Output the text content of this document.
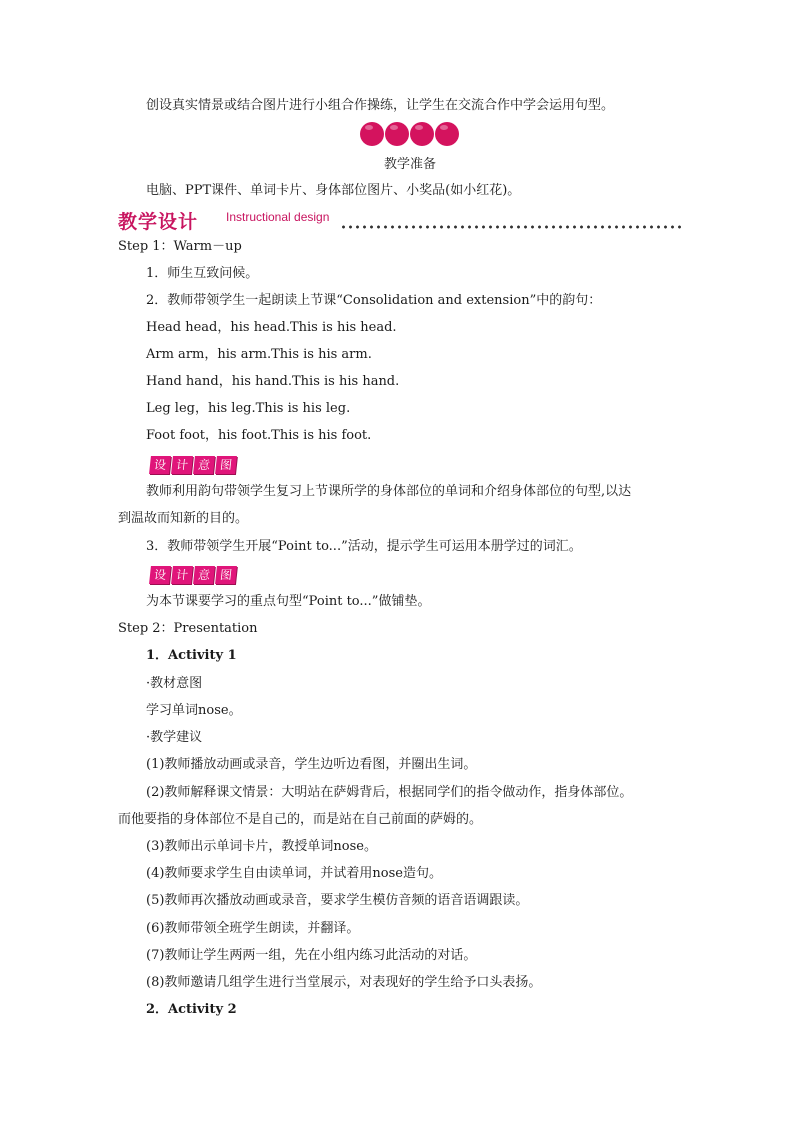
创设真实情景或结合图片进行小组合作操练，让学生在交流合作中学会运用句型。
教学准备
电脑、PPT课件、单词卡片、身体部位图片、小奖品(如小红花)。
教学设计 Instructional design
Step 1：Warm－up
1．师生互致问候。
2．教师带领学生一起朗读上节课“Consolidation and extension”中的韵句：
Head head，his head.This is his head.
Arm arm，his arm.This is his arm.
Hand hand，his hand.This is his hand.
Leg leg，his leg.This is his leg.
Foot foot，his foot.This is his foot.
设 计 意 图
教师利用韵句带领学生复习上节课所学的身体部位的单词和介绍身体部位的句型,以达
到温故而知新的目的。
3．教师带领学生开展“Point to...”活动，提示学生可运用本册学过的词汇。
设 计 意 图
为本节课要学习的重点句型“Point to...”做铺垫。
Step 2：Presentation
1．Activity 1
·教材意图
学习单词nose。
·教学建议
(1)教师播放动画或录音，学生边听边看图，并圈出生词。
(2)教师解释课文情景：大明站在萨姆背后，根据同学们的指令做动作，指身体部位。
而他要指的身体部位不是自己的，而是站在自己前面的萨姆的。
(3)教师出示单词卡片，教授单词nose。
(4)教师要求学生自由读单词，并试着用nose造句。
(5)教师再次播放动画或录音，要求学生模仿音频的语音语调跟读。
(6)教师带领全班学生朗读，并翻译。
(7)教师让学生两两一组，先在小组内练习此活动的对话。
(8)教师邀请几组学生进行当堂展示，对表现好的学生给予口头表扬。
2．Activity 2
